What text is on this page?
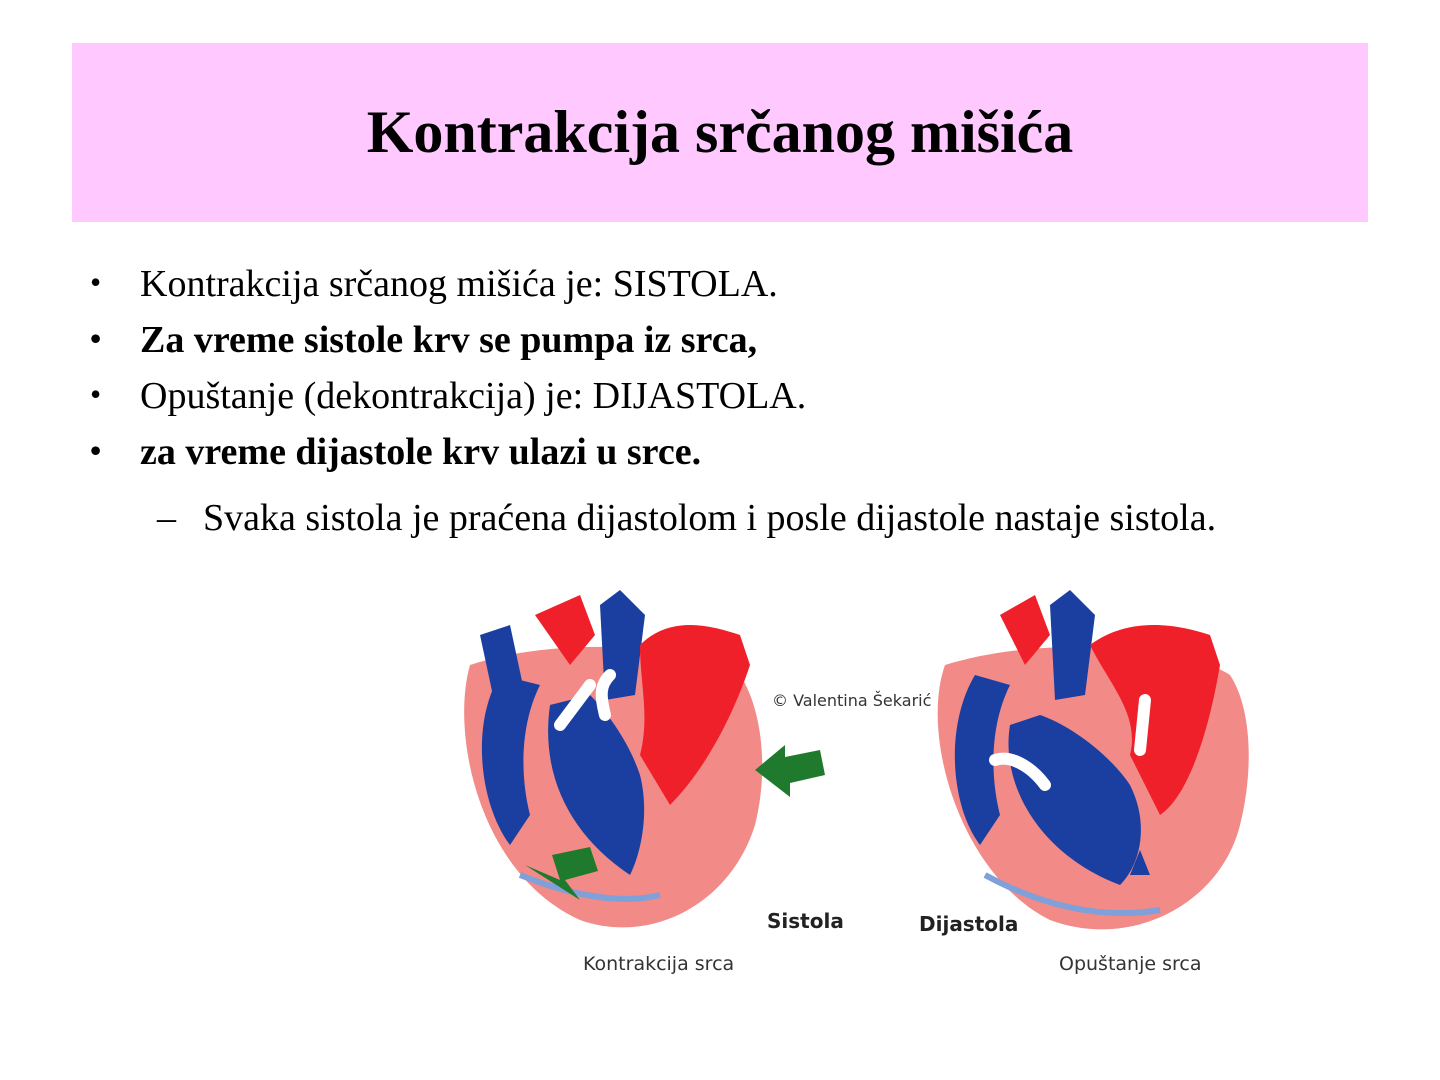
Kontrakcija srčanog mišića
• Kontrakcija srčanog mišića je: SISTOLA.
• Za vreme sistole krv se pumpa iz srca,
• Opuštanje (dekontrakcija) je: DIJASTOLA.
• za vreme dijastole krv ulazi u srce.
– Svaka sistola je praćena dijastolom i posle dijastole nastaje sistola.
© Valentina Šekarić
Sistola	Dijastola
Kontrakcija srca	Opuštanje srca
